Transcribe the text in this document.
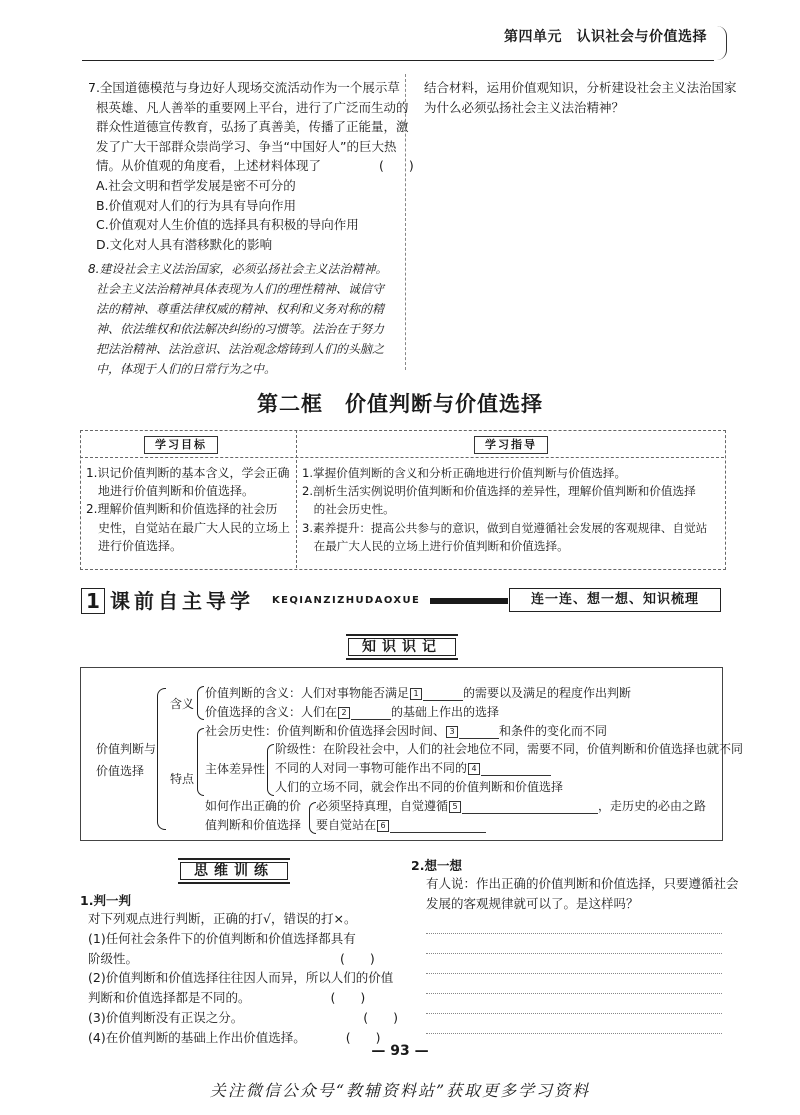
第四单元　认识社会与价值选择
7.全国道德模范与身边好人现场交流活动作为一个展示草
根英雄、凡人善举的重要网上平台，进行了广泛而生动的
群众性道德宣传教育，弘扬了真善美，传播了正能量，激
发了广大干部群众崇尚学习、争当“中国好人”的巨大热
情。从价值观的角度看，上述材料体现了	(　　)
A.社会文明和哲学发展是密不可分的
B.价值观对人们的行为具有导向作用
C.价值观对人生价值的选择具有积极的导向作用
D.文化对人具有潜移默化的影响
8.建设社会主义法治国家，必须弘扬社会主义法治精神。
社会主义法治精神具体表现为人们的理性精神、诚信守
法的精神、尊重法律权威的精神、权利和义务对称的精
神、依法维权和依法解决纠纷的习惯等。法治在于努力
把法治精神、法治意识、法治观念熔铸到人们的头脑之
中，体现于人们的日常行为之中。
结合材料，运用价值观知识，分析建设社会主义法治国家
为什么必须弘扬社会主义法治精神？
第二框　价值判断与价值选择
学习目标	学习指导
1.识记价值判断的基本含义，学会正确
　地进行价值判断和价值选择。
2.理解价值判断和价值选择的社会历
　史性，自觉站在最广大人民的立场上
　进行价值选择。
1.掌握价值判断的含义和分析正确地进行价值判断与价值选择。
2.剖析生活实例说明价值判断和价值选择的差异性，理解价值判断和价值选择
　的社会历史性。
3.素养提升：提高公共参与的意识，做到自觉遵循社会发展的客观规律、自觉站
　在最广大人民的立场上进行价值判断和价值选择。
1 课前自主导学 KEQIANZIZHUDAOXUE	连一连、想一想、知识梳理
知识识记
价值判断与
价值选择
含义
价值判断的含义：人们对事物能否满足 1	的需要以及满足的程度作出判断
价值选择的含义：人们在 2	的基础上作出的选择
特点
社会历史性：价值判断和价值选择会因时间、 3	和条件的变化而不同
主体差异性
阶级性：在阶段社会中，人们的社会地位不同，需要不同，价值判断和价值选择也就不同
不同的人对同一事物可能作出不同的 4
人们的立场不同，就会作出不同的价值判断和价值选择
如何作出正确的价
值判断和价值选择
必须坚持真理，自觉遵循 5	，走历史的必由之路
要自觉站在 6
思维训练
1.判一判
对下列观点进行判断，正确的打√，错误的打×。
(1)任何社会条件下的价值判断和价值选择都具有
阶级性。	(　　)
(2)价值判断和价值选择往往因人而异，所以人们的价值
判断和价值选择都是不同的。	(　　)
(3)价值判断没有正误之分。	(　　)
(4)在价值判断的基础上作出价值选择。	(　　)
2.想一想
有人说：作出正确的价值判断和价值选择，只要遵循社会
发展的客观规律就可以了。是这样吗？
— 93 —
关注微信公众号“教辅资料站”获取更多学习资料
